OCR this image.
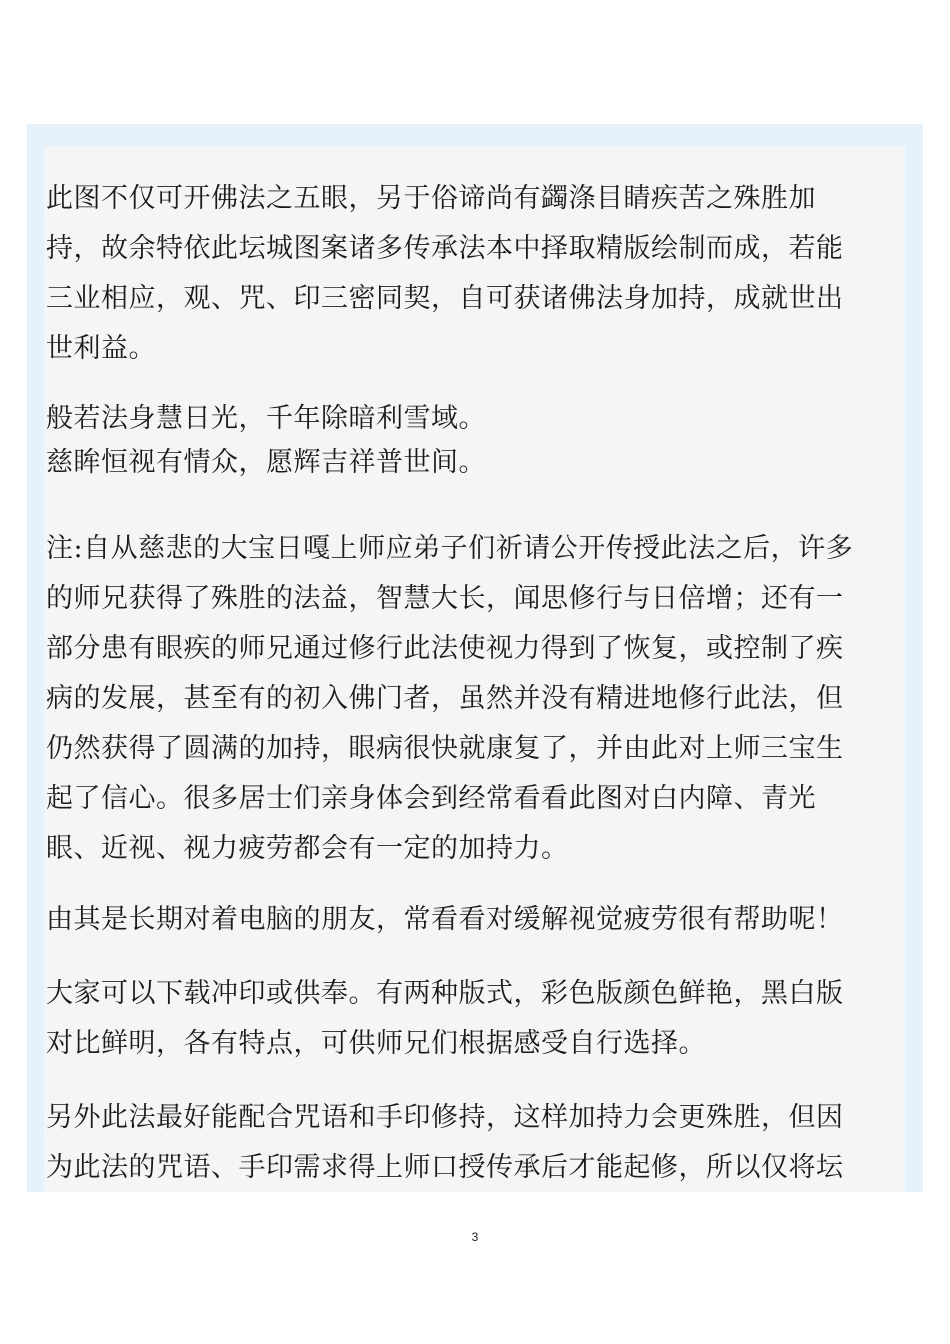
此图不仅可开佛法之五眼，另于俗谛尚有蠲涤目睛疾苦之殊胜加
持，故余特依此坛城图案诸多传承法本中择取精版绘制而成，若能
三业相应，观、咒、印三密同契，自可获诸佛法身加持，成就世出
世利益。
般若法身慧日光，千年除暗利雪域。
慈眸恒视有情众，愿辉吉祥普世间。
注:自从慈悲的大宝日嘎上师应弟子们祈请公开传授此法之后，许多
的师兄获得了殊胜的法益，智慧大长，闻思修行与日倍增；还有一
部分患有眼疾的师兄通过修行此法使视力得到了恢复，或控制了疾
病的发展，甚至有的初入佛门者，虽然并没有精进地修行此法，但
仍然获得了圆满的加持，眼病很快就康复了，并由此对上师三宝生
起了信心。很多居士们亲身体会到经常看看此图对白内障、青光
眼、近视、视力疲劳都会有一定的加持力。
由其是长期对着电脑的朋友，常看看对缓解视觉疲劳很有帮助呢！
大家可以下载冲印或供奉。有两种版式，彩色版颜色鲜艳，黑白版
对比鲜明，各有特点，可供师兄们根据感受自行选择。
另外此法最好能配合咒语和手印修持，这样加持力会更殊胜，但因
为此法的咒语、手印需求得上师口授传承后才能起修，所以仅将坛
3
